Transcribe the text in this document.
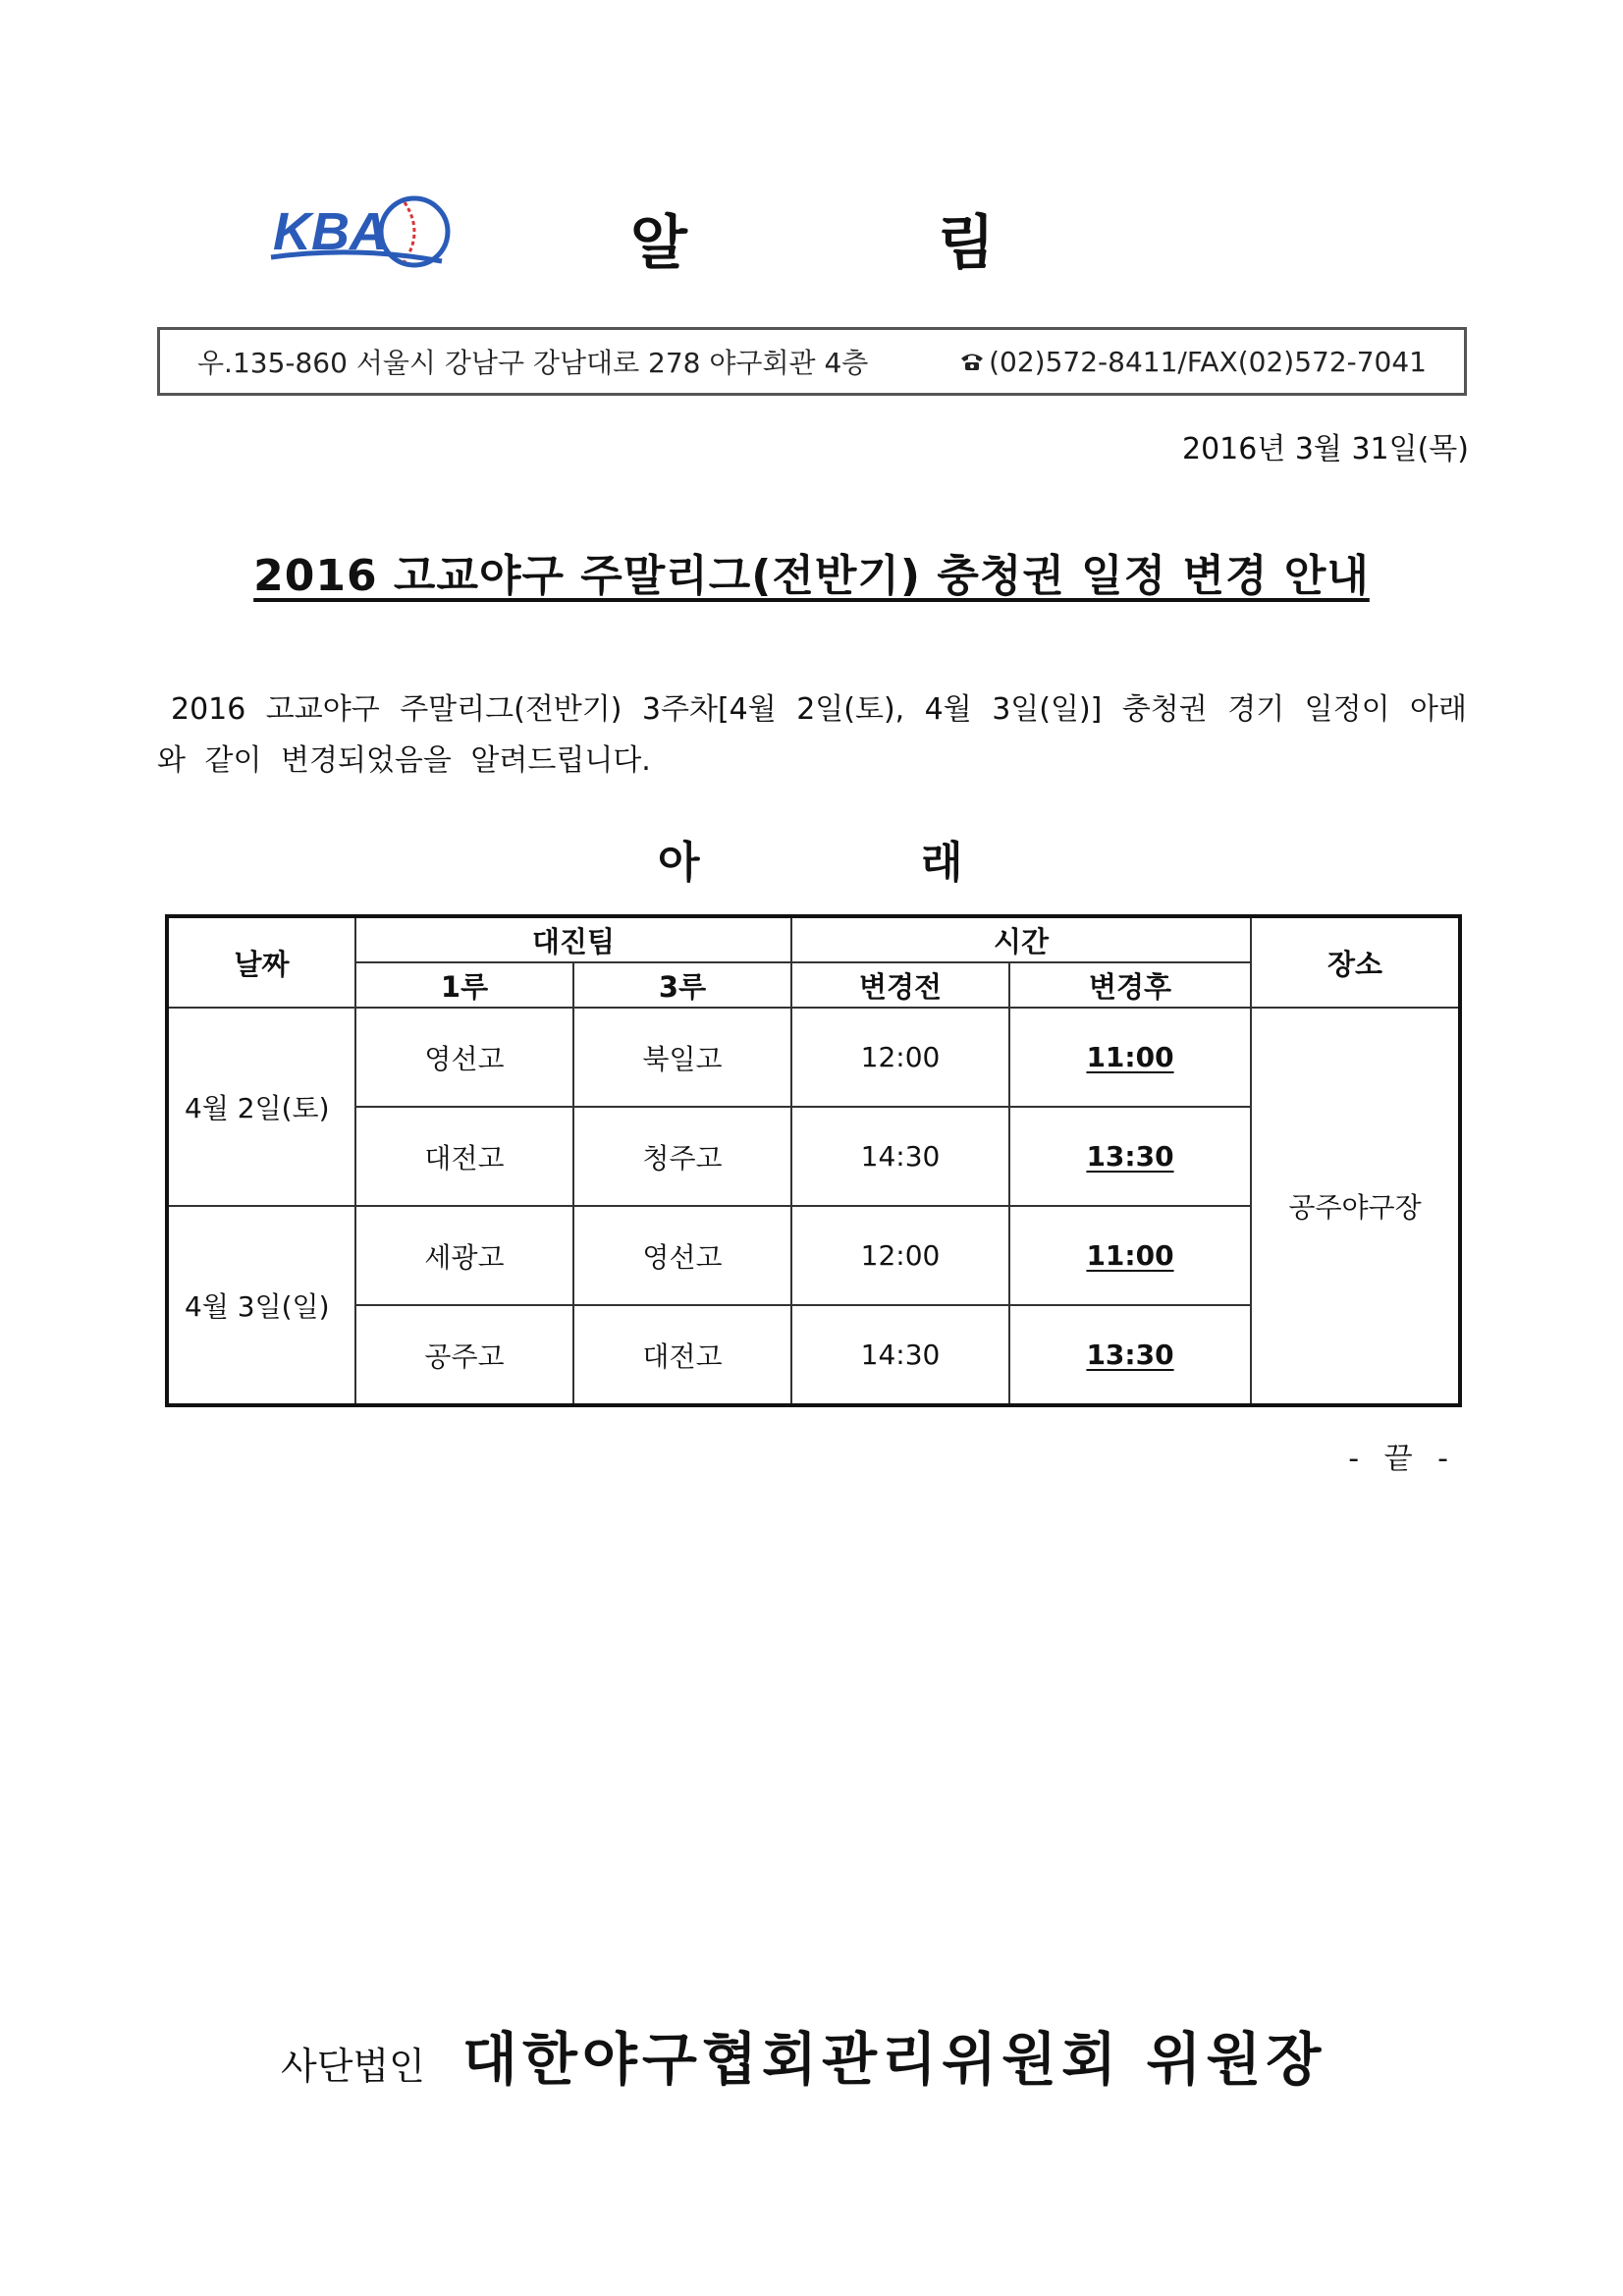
KBA	알	림
우.135-860 서울시 강남구 강남대로 278 야구회관 4층	(02)572-8411/FAX(02)572-7041
2016년 3월 31일(목)
2016 고교야구 주말리그(전반기) 충청권 일정 변경 안내
2016 고교야구 주말리그(전반기) 3주차[4월 2일(토), 4월 3일(일)] 충청권 경기 일정이 아래와 같이 변경되었음을 알려드립니다.
아	래
날짜	대진팀		시간		장소
	1루	3루	변경전	변경후	
4월 2일(토)	영선고	북일고	12:00	11:00	공주야구장
	대전고	청주고	14:30	13:30	
4월 3일(일)	세광고	영선고	12:00	11:00	
	공주고	대전고	14:30	13:30	
- 끝 -
사단법인 대한야구협회관리위원회 위원장
